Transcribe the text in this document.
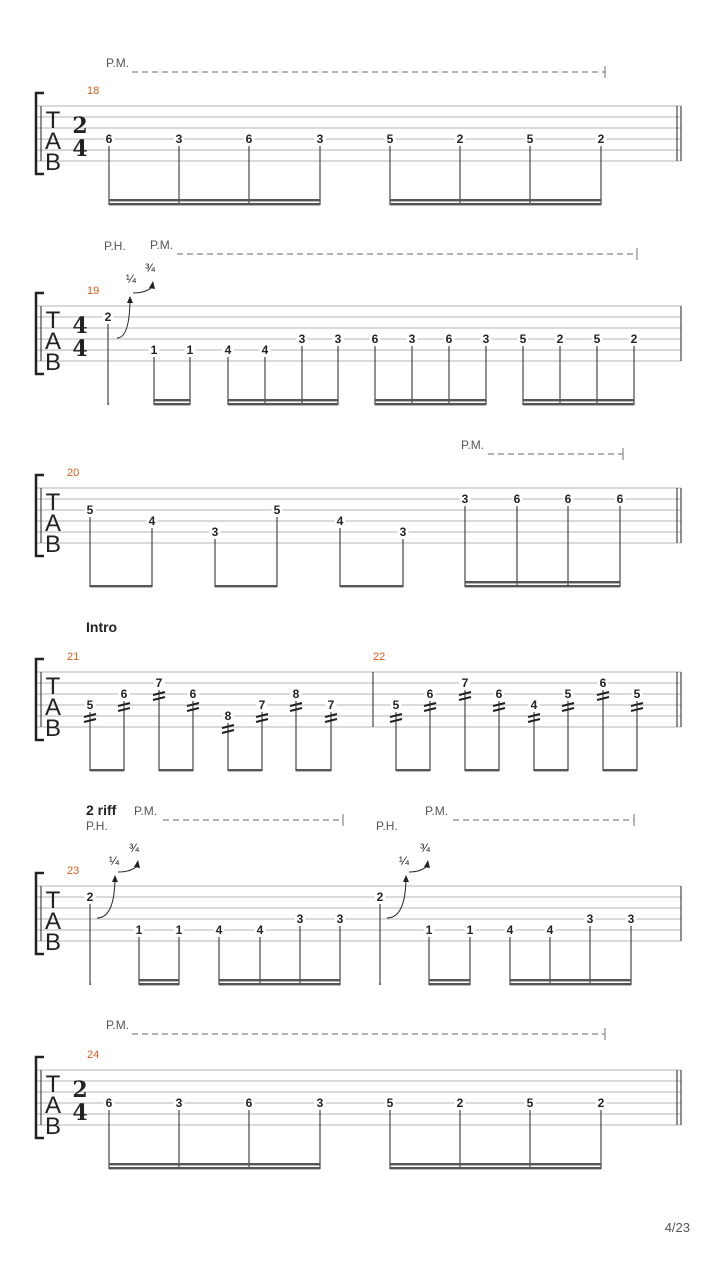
T
A
B
18
2
4
P.M.
6	3	6	3	5	2	5	2
T
A
B
19
4
4
P.M.
P.H.
¼
¾
2
1 1	4	4
3 3	6	3	6	3	5	2	5	2
T
A
B
20
P.M.
5
4
3
5
4
3
3	6	6	6
T
A
B
21	22
Intro
5
6
7
6
8
7
8
7	5
6
7
6
4
5
6
5
T
A
B
23
2 riff P.M.	P.M.
P.H.	P.H.
¼
¾
¼
¾
2
1	1	4	4
3	3
2
1	1	4	4
3	3
T
A
B
24
2
4
P.M.
6	3	6	3	5	2	5	2
4/23
